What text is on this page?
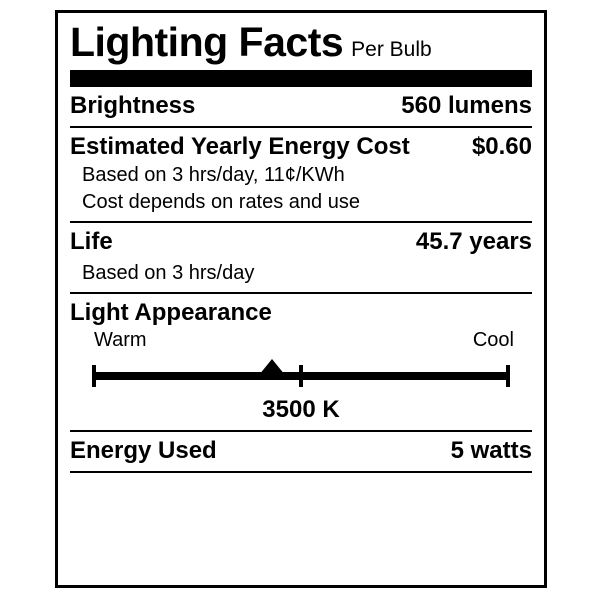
Lighting Facts Per Bulb
Brightness	560 lumens
Estimated Yearly Energy Cost	$0.60
Based on 3 hrs/day, 11¢/KWh
Cost depends on rates and use
Life	45.7 years
Based on 3 hrs/day
Light Appearance
Warm	Cool
3500 K
Energy Used	5 watts
